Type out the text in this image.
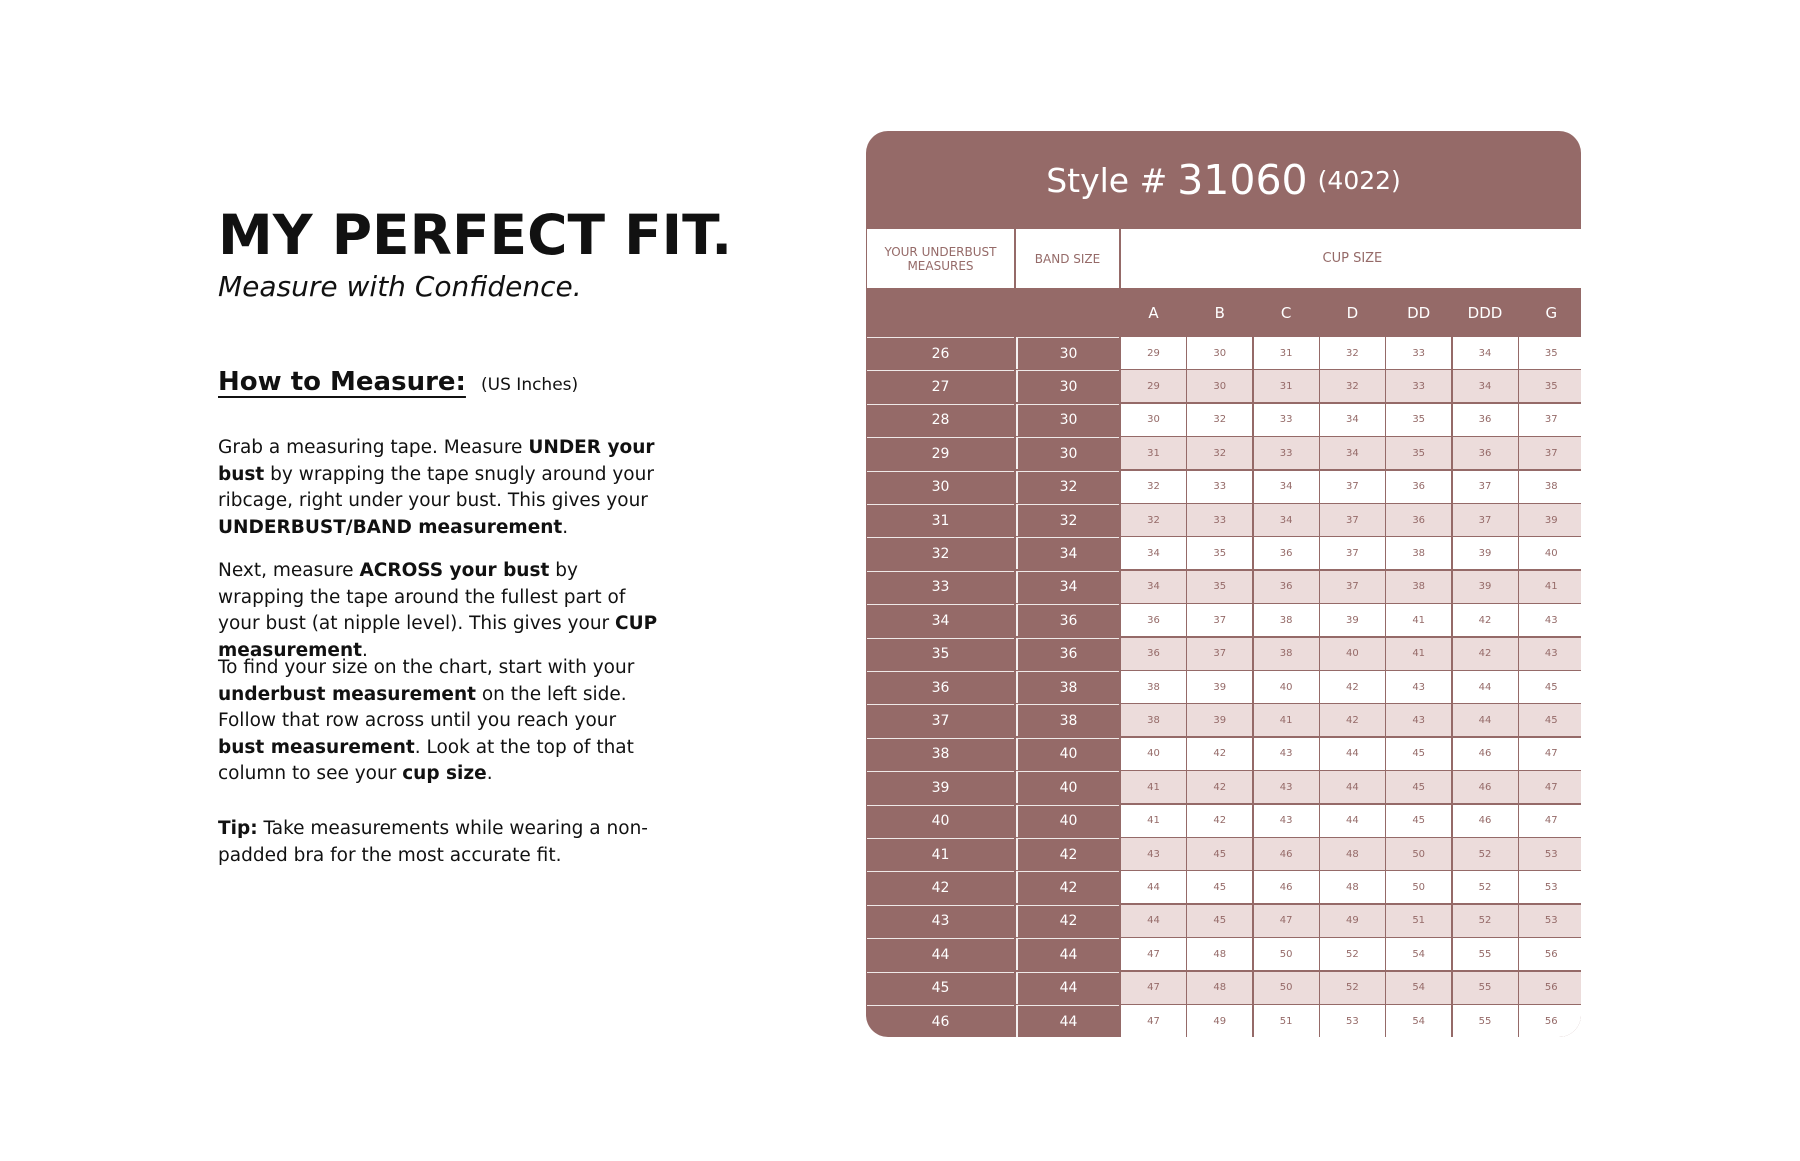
MY PERFECT FIT.
Measure with Confidence.
How to Measure: (US Inches)

Grab a measuring tape. Measure UNDER your bust by wrapping the tape snugly around your ribcage, right under your bust. This gives your UNDERBUST/BAND measurement.

Next, measure ACROSS your bust by wrapping the tape around the fullest part of your bust (at nipple level). This gives your CUP measurement.

To find your size on the chart, start with your underbust measurement on the left side. Follow that row across until you reach your bust measurement. Look at the top of that column to see your cup size.

Tip: Take measurements while wearing a non-padded bra for the most accurate fit.

Style # 31060 (4022)
YOUR UNDERBUST MEASURES	BAND SIZE	CUP SIZE
A	B	C	D	DD	DDD	G
26	30	29	30	31	32	33	34	35
27	30	29	30	31	32	33	34	35
28	30	30	32	33	34	35	36	37
29	30	31	32	33	34	35	36	37
30	32	32	33	34	37	36	37	38
31	32	32	33	34	37	36	37	39
32	34	34	35	36	37	38	39	40
33	34	34	35	36	37	38	39	41
34	36	36	37	38	39	41	42	43
35	36	36	37	38	40	41	42	43
36	38	38	39	40	42	43	44	45
37	38	38	39	41	42	43	44	45
38	40	40	42	43	44	45	46	47
39	40	41	42	43	44	45	46	47
40	40	41	42	43	44	45	46	47
41	42	43	45	46	48	50	52	53
42	42	44	45	46	48	50	52	53
43	42	44	45	47	49	51	52	53
44	44	47	48	50	52	54	55	56
45	44	47	48	50	52	54	55	56
46	44	47	49	51	53	54	55	56
